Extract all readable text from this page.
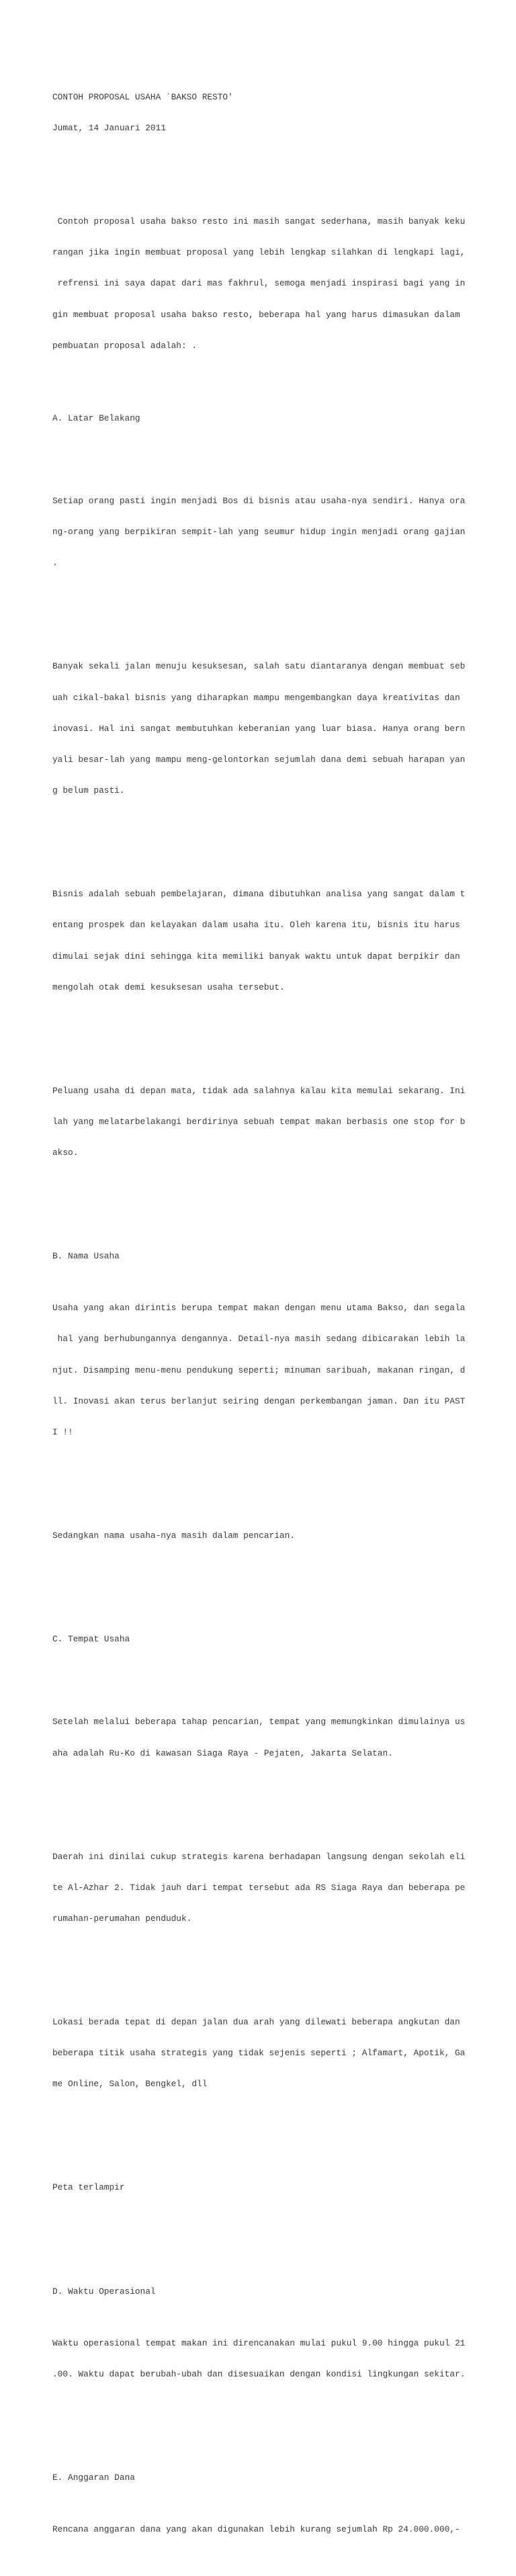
CONTOH PROPOSAL USAHA `BAKSO RESTO'

Jumat, 14 Januari 2011

Contoh proposal usaha bakso resto ini masih sangat sederhana, masih banyak keku

rangan jika ingin membuat proposal yang lebih lengkap silahkan di lengkapi lagi,

refrensi ini saya dapat dari mas fakhrul, semoga menjadi inspirasi bagi yang in

gin membuat proposal usaha bakso resto, beberapa hal yang harus dimasukan dalam

pembuatan proposal adalah: .

A. Latar Belakang

Setiap orang pasti ingin menjadi Bos di bisnis atau usaha-nya sendiri. Hanya ora

ng-orang yang berpikiran sempit-lah yang seumur hidup ingin menjadi orang gajian

.

Banyak sekali jalan menuju kesuksesan, salah satu diantaranya dengan membuat seb

uah cikal-bakal bisnis yang diharapkan mampu mengembangkan daya kreativitas dan

inovasi. Hal ini sangat membutuhkan keberanian yang luar biasa. Hanya orang bern

yali besar-lah yang mampu meng-gelontorkan sejumlah dana demi sebuah harapan yan

g belum pasti.

Bisnis adalah sebuah pembelajaran, dimana dibutuhkan analisa yang sangat dalam t

entang prospek dan kelayakan dalam usaha itu. Oleh karena itu, bisnis itu harus

dimulai sejak dini sehingga kita memiliki banyak waktu untuk dapat berpikir dan

mengolah otak demi kesuksesan usaha tersebut.

Peluang usaha di depan mata, tidak ada salahnya kalau kita memulai sekarang. Ini

lah yang melatarbelakangi berdirinya sebuah tempat makan berbasis one stop for b

akso.

B. Nama Usaha

Usaha yang akan dirintis berupa tempat makan dengan menu utama Bakso, dan segala

hal yang berhubungannya dengannya. Detail-nya masih sedang dibicarakan lebih la

njut. Disamping menu-menu pendukung seperti; minuman saribuah, makanan ringan, d

ll. Inovasi akan terus berlanjut seiring dengan perkembangan jaman. Dan itu PAST

I !!

Sedangkan nama usaha-nya masih dalam pencarian.

C. Tempat Usaha

Setelah melalui beberapa tahap pencarian, tempat yang memungkinkan dimulainya us

aha adalah Ru-Ko di kawasan Siaga Raya - Pejaten, Jakarta Selatan.

Daerah ini dinilai cukup strategis karena berhadapan langsung dengan sekolah eli

te Al-Azhar 2. Tidak jauh dari tempat tersebut ada RS Siaga Raya dan beberapa pe

rumahan-perumahan penduduk.

Lokasi berada tepat di depan jalan dua arah yang dilewati beberapa angkutan dan

beberapa titik usaha strategis yang tidak sejenis seperti ; Alfamart, Apotik, Ga

me Online, Salon, Bengkel, dll

Peta terlampir

D. Waktu Operasional

Waktu operasional tempat makan ini direncanakan mulai pukul 9.00 hingga pukul 21

.00. Waktu dapat berubah-ubah dan disesuaikan dengan kondisi lingkungan sekitar.

E. Anggaran Dana

Rencana anggaran dana yang akan digunakan lebih kurang sejumlah Rp 24.000.000,-
